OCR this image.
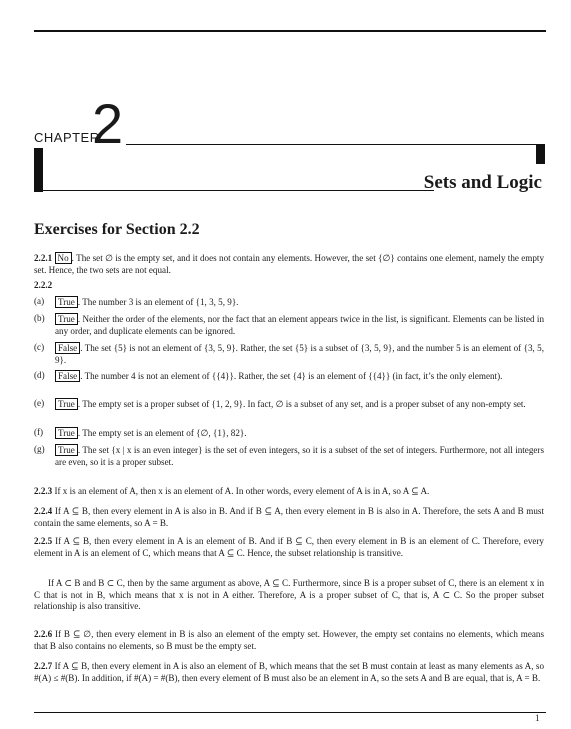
CHAPTER
2
Sets and Logic
Exercises for Section 2.2
2.2.1 No . The set ∅ is the empty set, and it does not contain any elements. However, the set {∅} contains one element, namely the empty set. Hence, the two sets are not equal.
2.2.2
(a)	True . The number 3 is an element of {1, 3, 5, 9}.
(b)	True . Neither the order of the elements, nor the fact that an element appears twice in the list, is significant. Elements can be listed in any order, and duplicate elements can be ignored.
(c)	False . The set {5} is not an element of {3, 5, 9}. Rather, the set {5} is a subset of {3, 5, 9}, and the number 5 is an element of {3, 5, 9}.
(d)	False . The number 4 is not an element of {{4}}. Rather, the set {4} is an element of {{4}} (in fact, it’s the only element).
(e)	True . The empty set is a proper subset of {1, 2, 9}. In fact, ∅ is a subset of any set, and is a proper subset of any non-empty set.
(f)	True . The empty set is an element of {∅, {1}, 82}.
(g)	True . The set {x | x is an even integer} is the set of even integers, so it is a subset of the set of integers. Furthermore, not all integers are even, so it is a proper subset.
2.2.3 If x is an element of A, then x is an element of A. In other words, every element of A is in A, so A ⊆ A.
2.2.4 If A ⊆ B, then every element in A is also in B. And if B ⊆ A, then every element in B is also in A. Therefore, the sets A and B must contain the same elements, so A = B.
2.2.5 If A ⊆ B, then every element in A is an element of B. And if B ⊆ C, then every element in B is an element of C. Therefore, every element in A is an element of C, which means that A ⊆ C. Hence, the subset relationship is transitive.
If A ⊂ B and B ⊂ C, then by the same argument as above, A ⊆ C. Furthermore, since B is a proper subset of C, there is an element x in C that is not in B, which means that x is not in A either. Therefore, A is a proper subset of C, that is, A ⊂ C. So the proper subset relationship is also transitive.
2.2.6 If B ⊆ ∅, then every element in B is also an element of the empty set. However, the empty set contains no elements, which means that B also contains no elements, so B must be the empty set.
2.2.7 If A ⊆ B, then every element in A is also an element of B, which means that the set B must contain at least as many elements as A, so #(A) ≤ #(B). In addition, if #(A) = #(B), then every element of B must also be an element in A, so the sets A and B are equal, that is, A = B.
1
